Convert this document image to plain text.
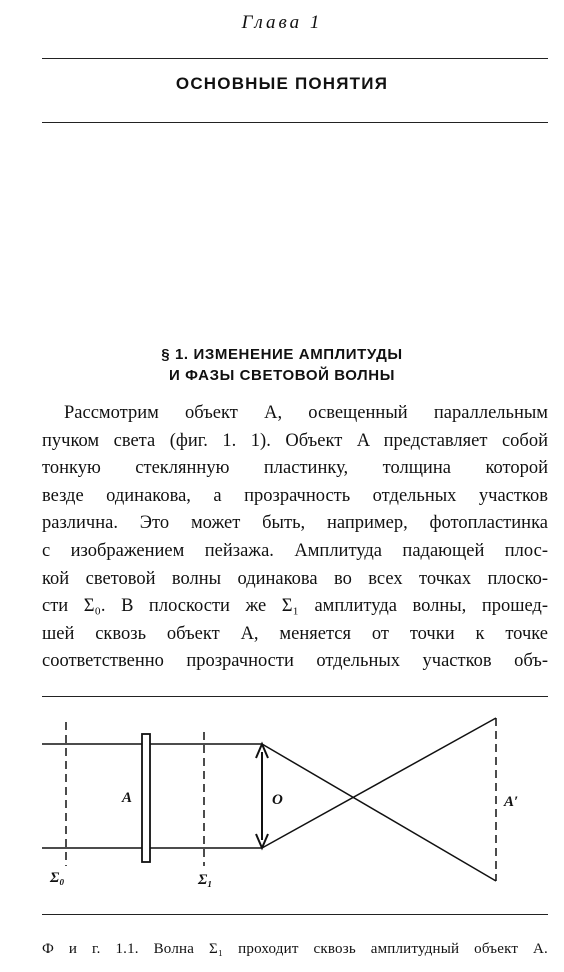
Глава 1
ОСНОВНЫЕ ПОНЯТИЯ
§ 1. ИЗМЕНЕНИЕ АМПЛИТУДЫ
И ФАЗЫ СВЕТОВОЙ ВОЛНЫ
Рассмотрим объект A, освещенный параллельным
пучком света (фиг. 1. 1). Объект A представляет собой
тонкую стеклянную пластинку, толщина которой
везде одинакова, а прозрачность отдельных участков
различна. Это может быть, например, фотопластинка
с изображением пейзажа. Амплитуда падающей плос-
кой световой волны одинакова во всех точках плоско-
сти Σ₀. В плоскости же Σ₁ амплитуда волны, прошед-
шей сквозь объект A, меняется от точки к точке
соответственно прозрачности отдельных участков объ-
A	O	A′
Σ₀	Σ₁
Ф и г. 1.1. Волна Σ₁ проходит сквозь амплитудный объект A.
